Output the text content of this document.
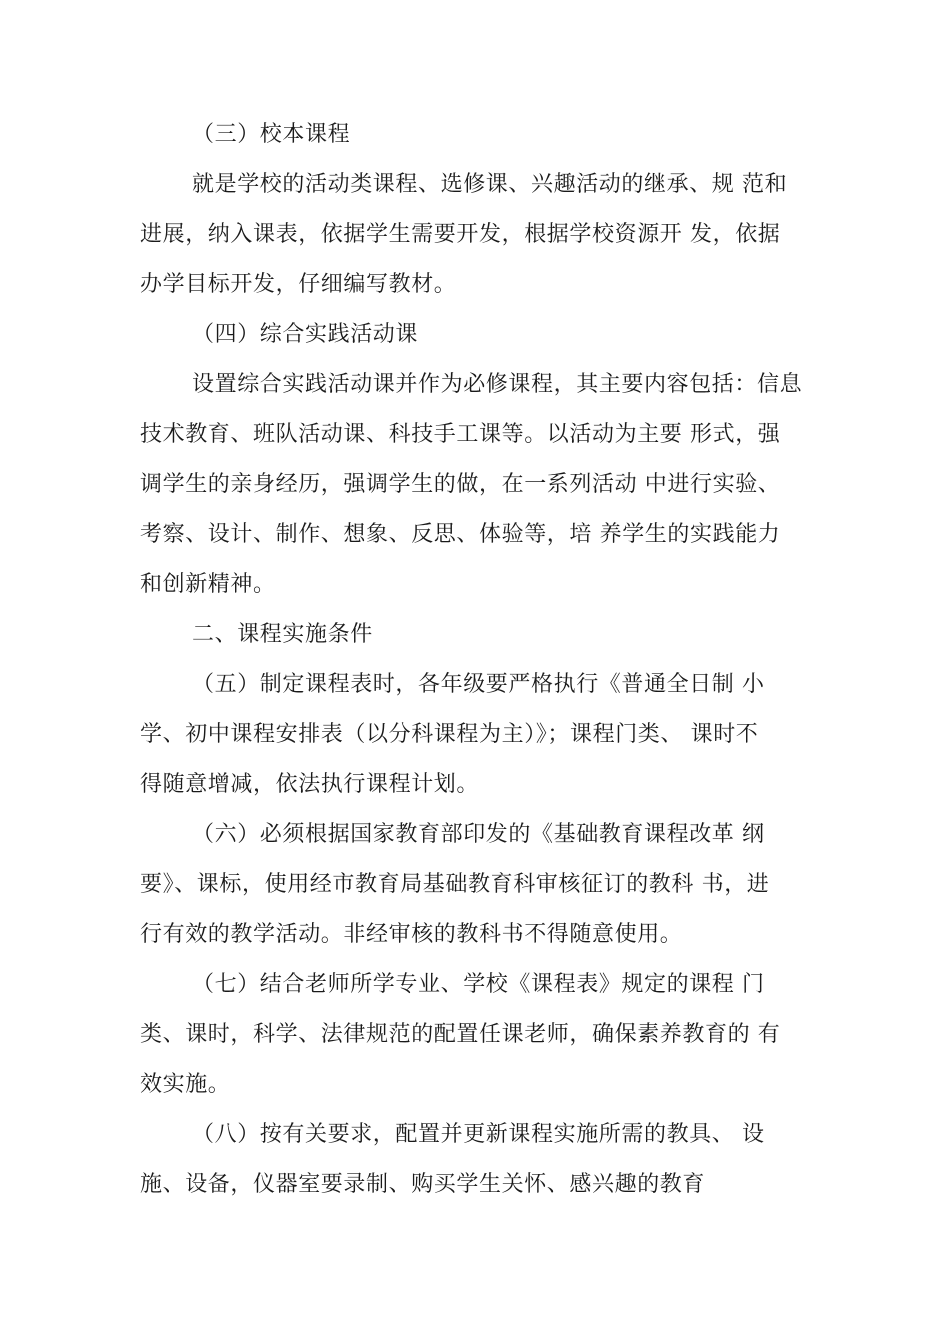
（三）校本课程
就是学校的活动类课程、选修课、兴趣活动的继承、规 范和
进展，纳入课表，依据学生需要开发，根据学校资源开 发，依据
办学目标开发，仔细编写教材。
（四）综合实践活动课
设置综合实践活动课并作为必修课程，其主要内容包括：信息
技术教育、班队活动课、科技手工课等。以活动为主要 形式，强
调学生的亲身经历，强调学生的做，在一系列活动 中进行实验、
考察、设计、制作、想象、反思、体验等，培 养学生的实践能力
和创新精神。
二、课程实施条件
（五）制定课程表时，各年级要严格执行《普通全日制 小
学、初中课程安排表（以分科课程为主）》；课程门类、 课时不
得随意增减，依法执行课程计划。
（六）必须根据国家教育部印发的《基础教育课程改革 纲
要》、课标，使用经市教育局基础教育科审核征订的教科 书，进
行有效的教学活动。非经审核的教科书不得随意使用。
（七）结合老师所学专业、学校《课程表》规定的课程 门
类、课时，科学、法律规范的配置任课老师，确保素养教育的 有
效实施。
（八）按有关要求，配置并更新课程实施所需的教具、 设
施、设备，仪器室要录制、购买学生关怀、感兴趣的教育
